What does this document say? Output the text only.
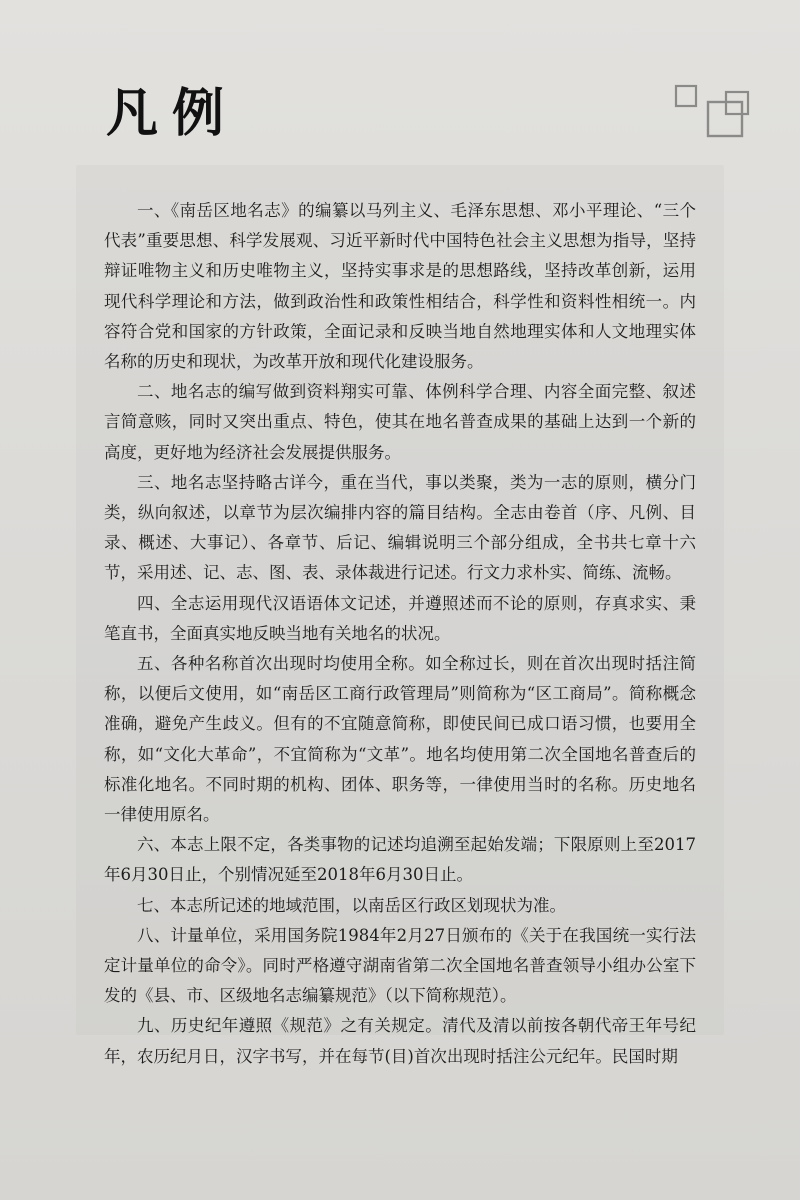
凡例

一、《南岳区地名志》的编纂以马列主义、毛泽东思想、邓小平理论、“三个代表”重要思想、科学发展观、习近平新时代中国特色社会主义思想为指导，坚持辩证唯物主义和历史唯物主义，坚持实事求是的思想路线，坚持改革创新，运用现代科学理论和方法，做到政治性和政策性相结合，科学性和资料性相统一。内容符合党和国家的方针政策，全面记录和反映当地自然地理实体和人文地理实体名称的历史和现状，为改革开放和现代化建设服务。

二、地名志的编写做到资料翔实可靠、体例科学合理、内容全面完整、叙述言简意赅，同时又突出重点、特色，使其在地名普查成果的基础上达到一个新的高度，更好地为经济社会发展提供服务。

三、地名志坚持略古详今，重在当代，事以类聚，类为一志的原则，横分门类，纵向叙述，以章节为层次编排内容的篇目结构。全志由卷首（序、凡例、目录、概述、大事记）、各章节、后记、编辑说明三个部分组成，全书共七章十六节，采用述、记、志、图、表、录体裁进行记述。行文力求朴实、简练、流畅。

四、全志运用现代汉语语体文记述，并遵照述而不论的原则，存真求实、秉笔直书，全面真实地反映当地有关地名的状况。

五、各种名称首次出现时均使用全称。如全称过长，则在首次出现时括注简称，以便后文使用，如“南岳区工商行政管理局”则简称为“区工商局”。简称概念准确，避免产生歧义。但有的不宜随意简称，即使民间已成口语习惯，也要用全称，如“文化大革命”，不宜简称为“文革”。地名均使用第二次全国地名普查后的标准化地名。不同时期的机构、团体、职务等，一律使用当时的名称。历史地名一律使用原名。

六、本志上限不定，各类事物的记述均追溯至起始发端；下限原则上至2017年6月30日止，个别情况延至2018年6月30日止。

七、本志所记述的地域范围，以南岳区行政区划现状为准。

八、计量单位，采用国务院1984年2月27日颁布的《关于在我国统一实行法定计量单位的命令》。同时严格遵守湖南省第二次全国地名普查领导小组办公室下发的《县、市、区级地名志编纂规范》（以下简称规范）。

九、历史纪年遵照《规范》之有关规定。清代及清以前按各朝代帝王年号纪年，农历纪月日，汉字书写，并在每节(目)首次出现时括注公元纪年。民国时期
